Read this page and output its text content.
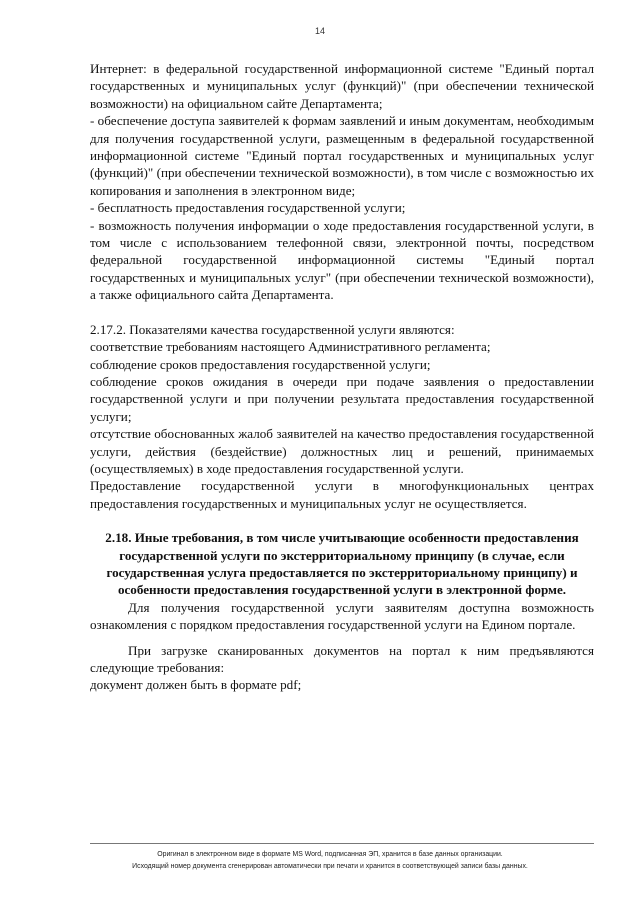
14

Интернет: в федеральной государственной информационной системе "Единый портал государственных и муниципальных услуг (функций)" (при обеспечении технической возможности) на официальном сайте Департамента;

- обеспечение доступа заявителей к формам заявлений и иным документам, необходимым для получения государственной услуги, размещенным в федеральной государственной информационной системе "Единый портал государственных и муниципальных услуг (функций)" (при обеспечении технической возможности), в том числе с возможностью их копирования и заполнения в электронном виде;

- бесплатность предоставления государственной услуги;

- возможность получения информации о ходе предоставления государственной услуги, в том числе с использованием телефонной связи, электронной почты, посредством федеральной государственной информационной системы "Единый портал государственных и муниципальных услуг" (при обеспечении технической возможности), а также официального сайта Департамента.

2.17.2. Показателями качества государственной услуги являются:

соответствие требованиям настоящего Административного регламента;

соблюдение сроков предоставления государственной услуги;

соблюдение сроков ожидания в очереди при подаче заявления о предоставлении государственной услуги и при получении результата предоставления государственной услуги;

отсутствие обоснованных жалоб заявителей на качество предоставления государственной услуги, действия (бездействие) должностных лиц и решений, принимаемых (осуществляемых) в ходе предоставления государственной услуги.

Предоставление государственной услуги в многофункциональных центрах предоставления государственных и муниципальных услуг не осуществляется.

2.18. Иные требования, в том числе учитывающие особенности предоставления государственной услуги по экстерриториальному принципу (в случае, если государственная услуга предоставляется по экстерриториальному принципу) и особенности предоставления государственной услуги в электронной форме.

Для получения государственной услуги заявителям доступна возможность ознакомления с порядком предоставления государственной услуги на Едином портале.

При загрузке сканированных документов на портал к ним предъявляются следующие требования:

документ должен быть в формате pdf;

Оригинал в электронном виде в формате MS Word, подписанная ЭП, хранится в базе данных организации.
Исходящий номер документа сгенерирован автоматически при печати и хранится в соответствующей записи базы данных.
